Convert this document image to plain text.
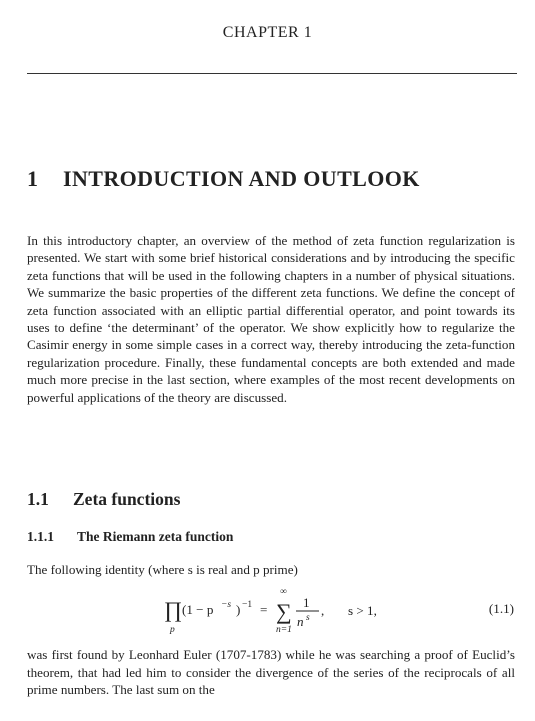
CHAPTER 1
1 INTRODUCTION AND OUTLOOK
In this introductory chapter, an overview of the method of zeta function regularization is presented. We start with some brief historical considerations and by introducing the specific zeta functions that will be used in the following chapters in a number of physical situations. We summarize the basic properties of the different zeta functions. We define the concept of zeta function associated with an elliptic partial differential operator, and point towards its uses to define ‘the determinant’ of the operator. We show explicitly how to regularize the Casimir energy in some simple cases in a correct way, thereby introducing the zeta-function regularization procedure. Finally, these fundamental concepts are both extended and made much more precise in the last section, where examples of the most recent developments on powerful applications of the theory are discussed.
1.1 Zeta functions
1.1.1 The Riemann zeta function
The following identity (where s is real and p prime)
∏
p
(1 − p −s ) −1 =
∞
∑
n=1
1
n s , s > 1,	(1.1)
was first found by Leonhard Euler (1707-1783) while he was searching a proof of Euclid’s theorem, that had led him to consider the divergence of the series of the reciprocals of all prime numbers. The last sum on the
